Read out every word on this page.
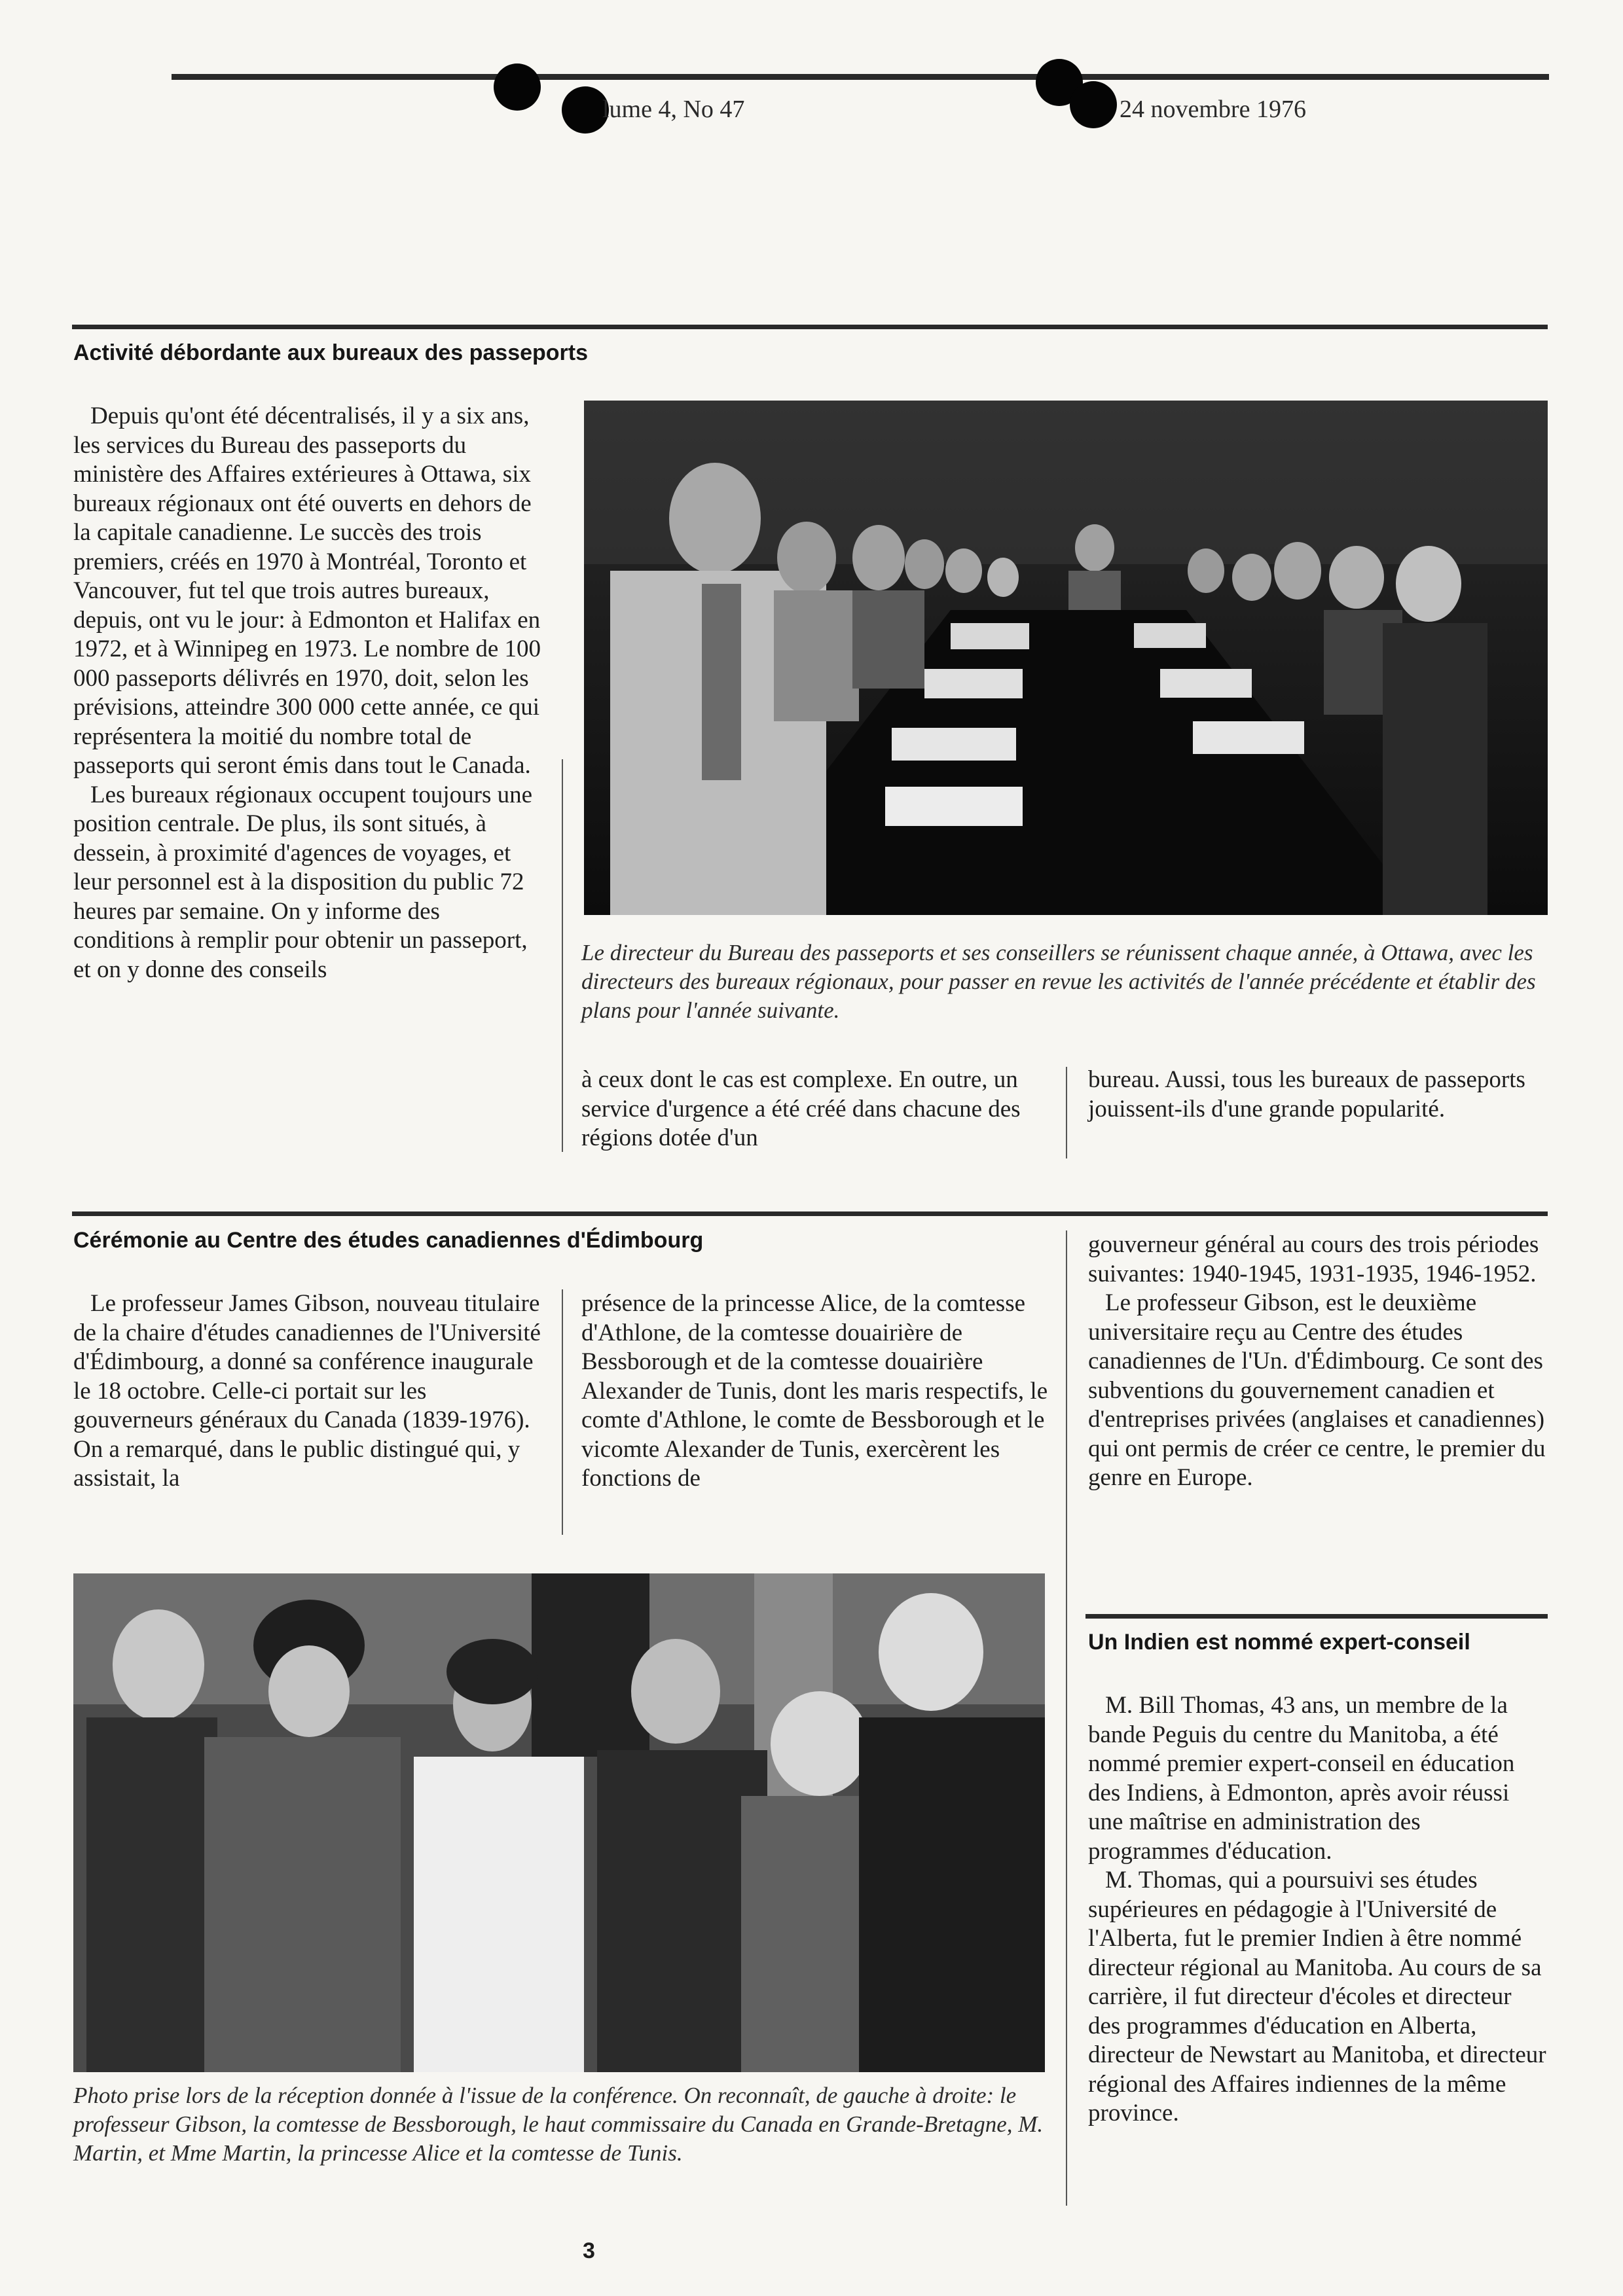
lume 4, No 47	24 novembre 1976
Activité débordante aux bureaux des passeports

Depuis qu'ont été décentralisés, il y a six ans, les services du Bureau des passeports du ministère des Affaires extérieures à Ottawa, six bureaux régionaux ont été ouverts en dehors de la capitale canadienne. Le succès des trois premiers, créés en 1970 à Montréal, Toronto et Vancouver, fut tel que trois autres bureaux, depuis, ont vu le jour: à Edmonton et Halifax en 1972, et à Winnipeg en 1973. Le nombre de 100 000 passeports délivrés en 1970, doit, selon les prévisions, atteindre 300 000 cette année, ce qui représentera la moitié du nombre total de passeports qui seront émis dans tout le Canada.

Les bureaux régionaux occupent toujours une position centrale. De plus, ils sont situés, à dessein, à proximité d'agences de voyages, et leur personnel est à la disposition du public 72 heures par semaine. On y informe des conditions à remplir pour obtenir un passeport, et on y donne des conseils

Le directeur du Bureau des passeports et ses conseillers se réunissent chaque année, à Ottawa, avec les directeurs des bureaux régionaux, pour passer en revue les activités de l'année précédente et établir des plans pour l'année suivante.

à ceux dont le cas est complexe. En outre, un service d'urgence a été créé dans chacune des régions dotée d'un

bureau. Aussi, tous les bureaux de passeports jouissent-ils d'une grande popularité.

Cérémonie au Centre des études canadiennes d'Édimbourg

Le professeur James Gibson, nouveau titulaire de la chaire d'études canadiennes de l'Université d'Édimbourg, a donné sa conférence inaugurale le 18 octobre. Celle-ci portait sur les gouverneurs généraux du Canada (1839-1976). On a remarqué, dans le public distingué qui, y assistait, la

présence de la princesse Alice, de la comtesse d'Athlone, de la comtesse douairière de Bessborough et de la comtesse douairière Alexander de Tunis, dont les maris respectifs, le comte d'Athlone, le comte de Bessborough et le vicomte Alexander de Tunis, exercèrent les fonctions de

gouverneur général au cours des trois périodes suivantes: 1940-1945, 1931-1935, 1946-1952.

Le professeur Gibson, est le deuxième universitaire reçu au Centre des études canadiennes de l'Un. d'Édimbourg. Ce sont des subventions du gouvernement canadien et d'entreprises privées (anglaises et canadiennes) qui ont permis de créer ce centre, le premier du genre en Europe.

Photo prise lors de la réception donnée à l'issue de la conférence. On reconnaît, de gauche à droite: le professeur Gibson, la comtesse de Bessborough, le haut commissaire du Canada en Grande-Bretagne, M. Martin, et Mme Martin, la princesse Alice et la comtesse de Tunis.
Un Indien est nommé expert-conseil

M. Bill Thomas, 43 ans, un membre de la bande Peguis du centre du Manitoba, a été nommé premier expert-conseil en éducation des Indiens, à Edmonton, après avoir réussi une maîtrise en administration des programmes d'éducation.

M. Thomas, qui a poursuivi ses études supérieures en pédagogie à l'Université de l'Alberta, fut le premier Indien à être nommé directeur régional au Manitoba. Au cours de sa carrière, il fut directeur d'écoles et directeur des programmes d'éducation en Alberta, directeur de Newstart au Manitoba, et directeur régional des Affaires indiennes de la même province.

3
